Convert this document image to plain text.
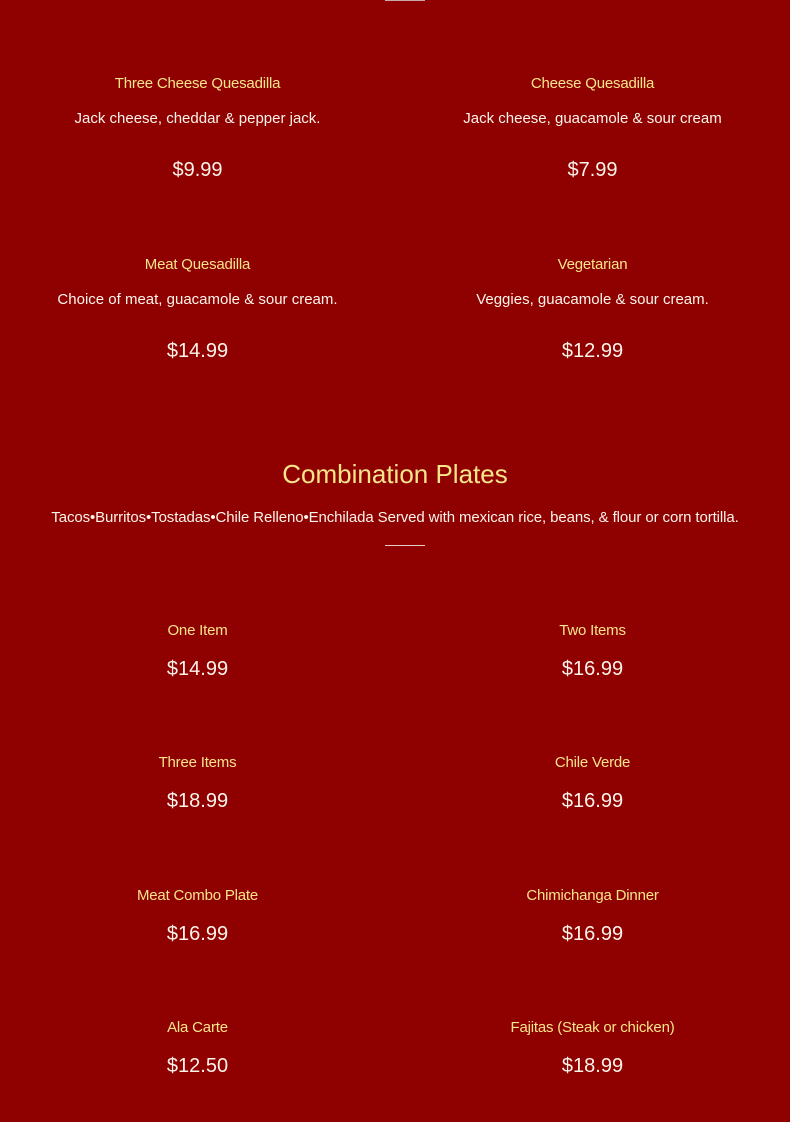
Three Cheese Quesadilla
Jack cheese, cheddar & pepper jack.
$9.99
Cheese Quesadilla
Jack cheese, guacamole & sour cream
$7.99
Meat Quesadilla
Choice of meat, guacamole & sour cream.
$14.99
Vegetarian
Veggies, guacamole & sour cream.
$12.99
Combination Plates
Tacos•Burritos•Tostadas•Chile Relleno•Enchilada Served with mexican rice, beans, & flour or corn tortilla.
One Item
$14.99
Two Items
$16.99
Three Items
$18.99
Chile Verde
$16.99
Meat Combo Plate
$16.99
Chimichanga Dinner
$16.99
Ala Carte
$12.50
Fajitas (Steak or chicken)
$18.99
